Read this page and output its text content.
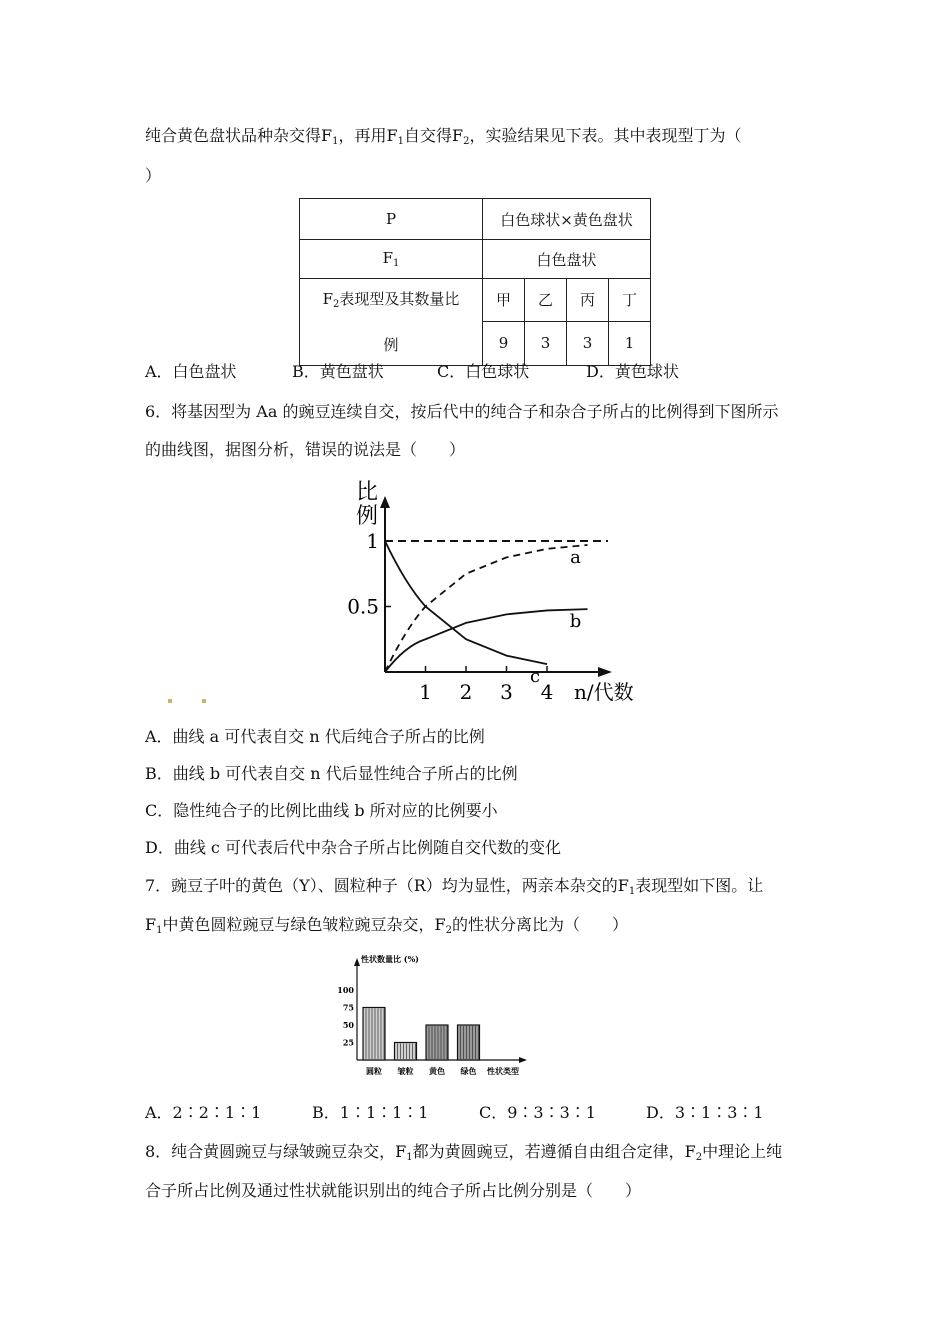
纯合黄色盘状品种杂交得$F_1$，再用$F_1$自交得$F_2$，实验结果见下表。其中表现型丁为（
）
P	白色球状×黄色盘状			
$F_1$	白色盘状			
$F_2$表现型及其数量比
例	甲	乙	丙	丁
	9	3	3	1
A．白色盘状	B．黄色盘状	C．白色球状	D．黄色球状
6．将基因型为 Aa 的豌豆连续自交，按后代中的纯合子和杂合子所占的比例得到下图所示
的曲线图，据图分析，错误的说法是（　　）
1 2 3 4
0.5
1
n/代数
a
b
c
比
例
A．曲线 a 可代表自交 n 代后纯合子所占的比例
B．曲线 b 可代表自交 n 代后显性纯合子所占的比例
C．隐性纯合子的比例比曲线 b 所对应的比例要小
D．曲线 c 可代表后代中杂合子所占比例随自交代数的变化
7．豌豆子叶的黄色（Y）、圆粒种子（R）均为显性，两亲本杂交的$F_1$表现型如下图。让
$F_1$中黄色圆粒豌豆与绿色皱粒豌豆杂交，$F_2$的性状分离比为（　　）
性状数量比 (%)
25
50
75
100
性状类型
圆粒 皱粒 黄色 绿色
A．2∶2∶1∶1	B．1∶1∶1∶1	C．9∶3∶3∶1	D．3∶1∶3∶1
8．纯合黄圆豌豆与绿皱豌豆杂交，$F_1$都为黄圆豌豆，若遵循自由组合定律，$F_2$中理论上纯
合子所占比例及通过性状就能识别出的纯合子所占比例分别是（　　）
